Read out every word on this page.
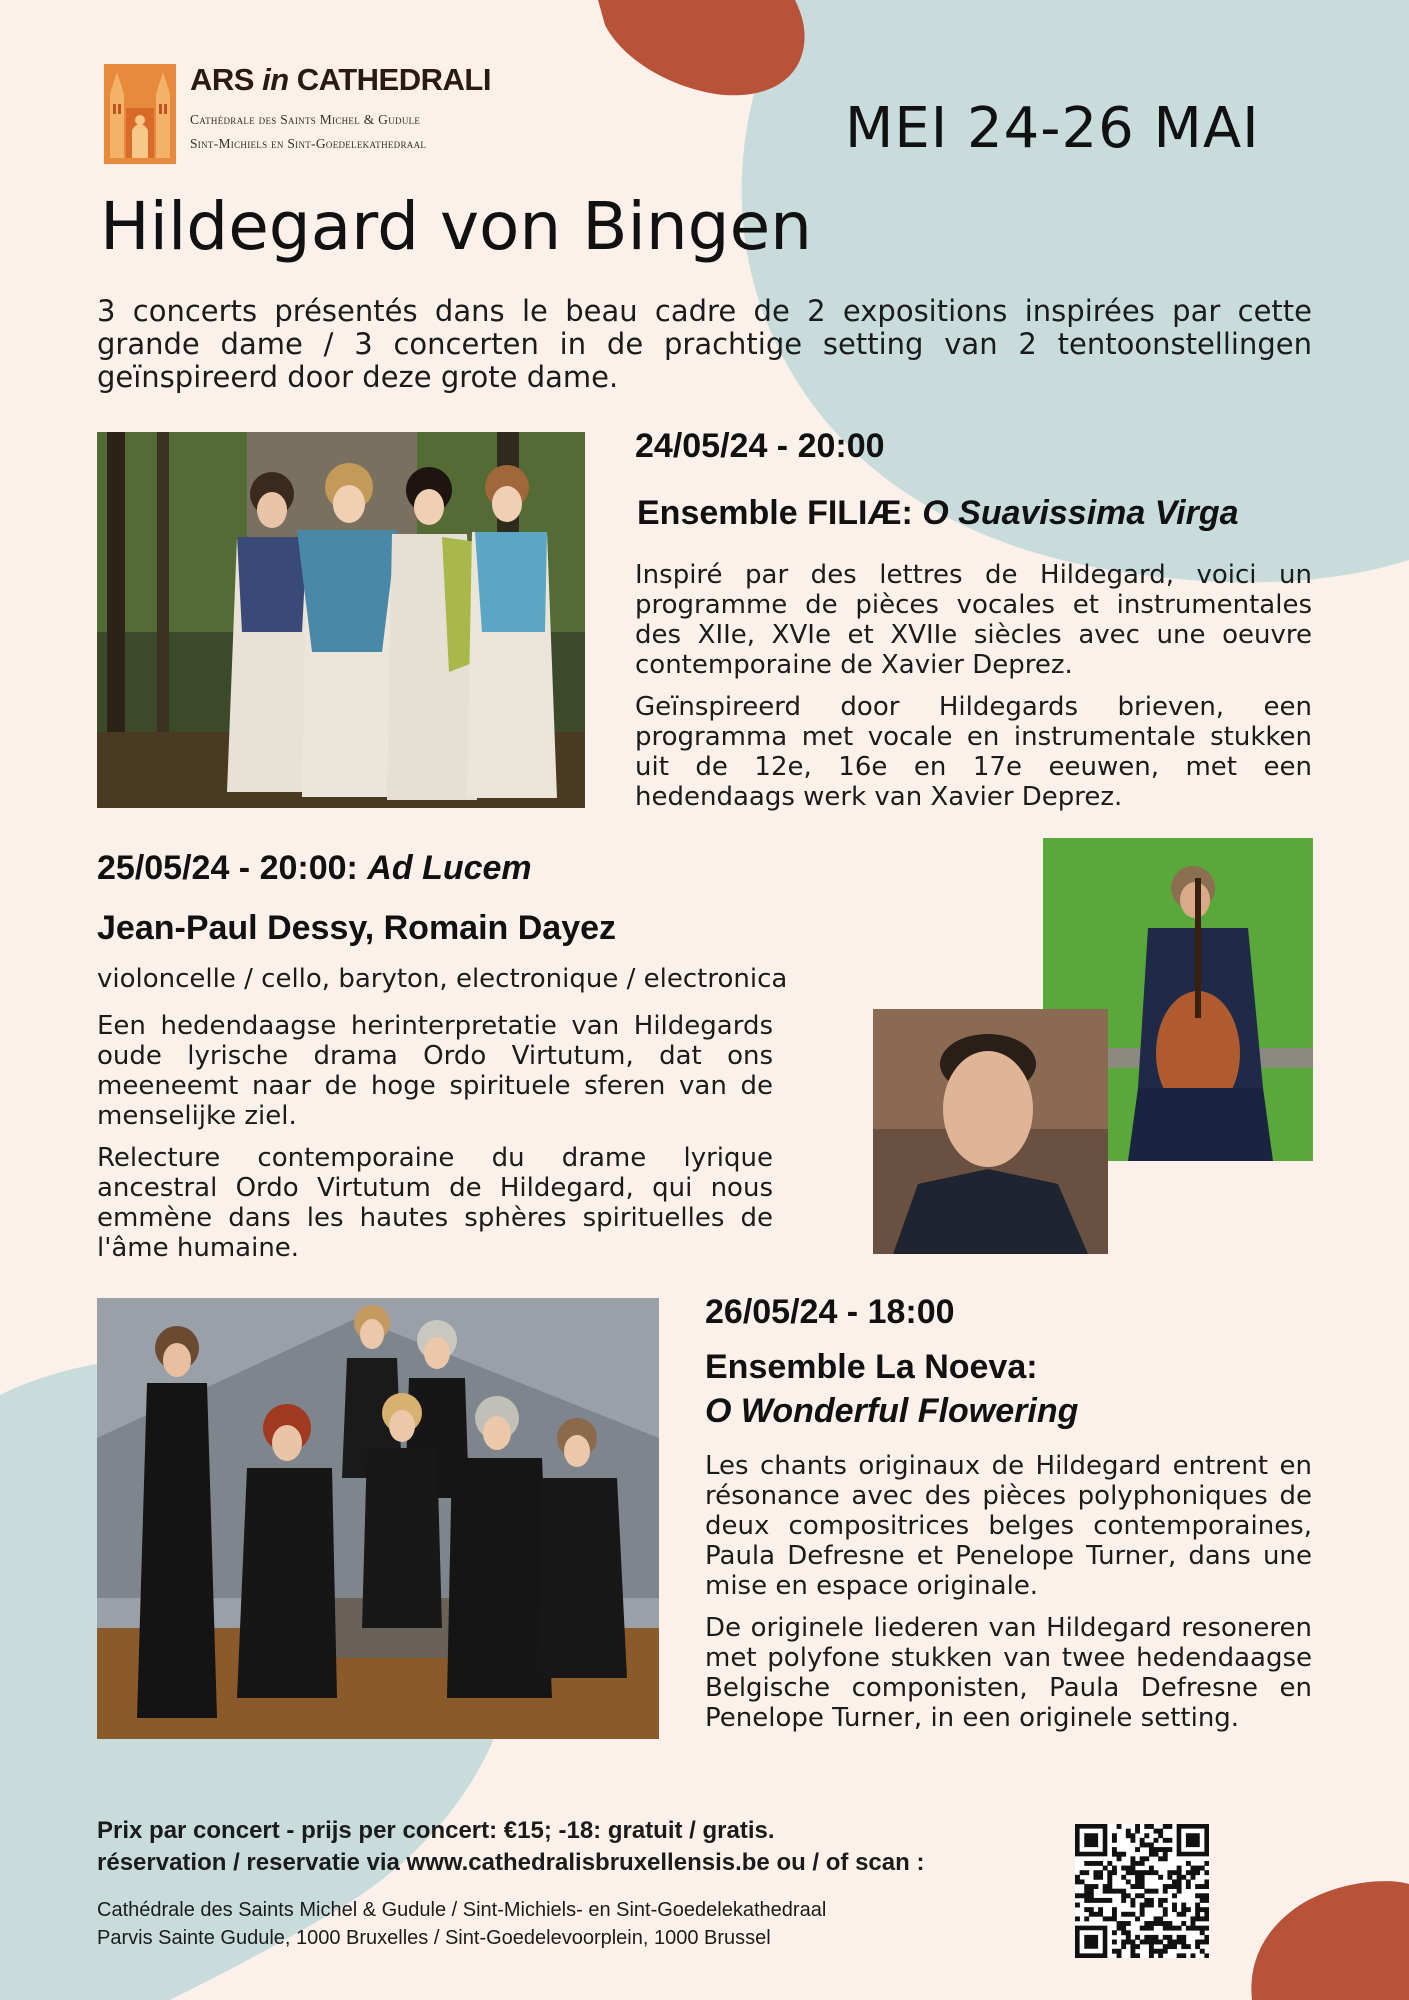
ARS in CATHEDRALI
Cathédrale des Saints Michel & Gudule
Sint-Michiels en Sint-Goedelekathedraal	MEI 24-26 MAI
Hildegard von Bingen
3 concerts présentés dans le beau cadre de 2 expositions inspirées par cette grande dame / 3 concerten in de prachtige setting van 2 tentoonstellingen geïnspireerd door deze grote dame.
24/05/24 - 20:00
Ensemble FILIÆ: O Suavissima Virga

Inspiré par des lettres de Hildegard, voici un programme de pièces vocales et instrumentales des XIIe, XVIe et XVIIe siècles avec une oeuvre contemporaine de Xavier Deprez.

Geïnspireerd door Hildegards brieven, een programma met vocale en instrumentale stukken uit de 12e, 16e en 17e eeuwen, met een hedendaags werk van Xavier Deprez.

25/05/24 - 20:00: Ad Lucem
Jean-Paul Dessy, Romain Dayez
violoncelle / cello, baryton, electronique / electronica

Een hedendaagse herinterpretatie van Hildegards oude lyrische drama Ordo Virtutum, dat ons meeneemt naar de hoge spirituele sferen van de menselijke ziel.

Relecture contemporaine du drame lyrique ancestral Ordo Virtutum de Hildegard, qui nous emmène dans les hautes sphères spirituelles de l'âme humaine.

26/05/24 - 18:00
Ensemble La Noeva:
O Wonderful Flowering

Les chants originaux de Hildegard entrent en résonance avec des pièces polyphoniques de deux compositrices belges contemporaines, Paula Defresne et Penelope Turner, dans une mise en espace originale.

De originele liederen van Hildegard resoneren met polyfone stukken van twee hedendaagse Belgische componisten, Paula Defresne en Penelope Turner, in een originele setting.

Prix par concert - prijs per concert: €15; -18: gratuit / gratis.
réservation / reservatie via www.cathedralisbruxellensis.be ou / of scan :
Cathédrale des Saints Michel & Gudule / Sint-Michiels- en Sint-Goedelekathedraal
Parvis Sainte Gudule, 1000 Bruxelles / Sint-Goedelevoorplein, 1000 Brussel
